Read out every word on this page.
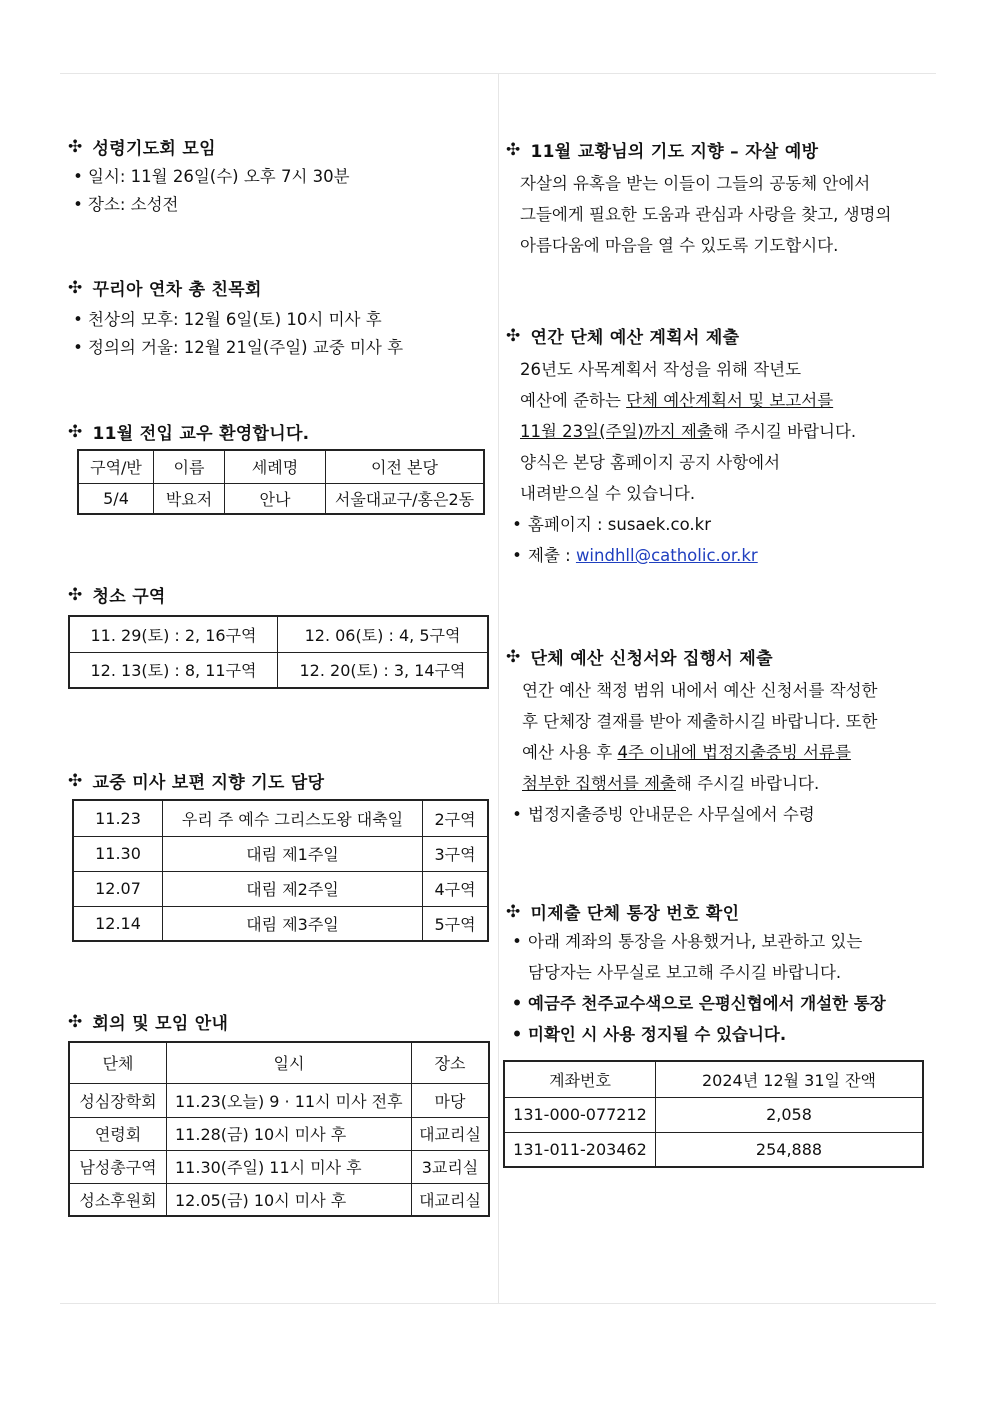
✣ 성령기도회 모임
• 일시: 11월 26일(수) 오후 7시 30분
• 장소: 소성전
✣ 꾸리아 연차 총 친목회
• 천상의 모후: 12월 6일(토) 10시 미사 후
• 정의의 거울: 12월 21일(주일) 교중 미사 후
✣ 11월 전입 교우 환영합니다.
구역/반	이름	세례명	이전 본당
5/4	박요저	안나	서울대교구/홍은2동
✣ 청소 구역
11. 29(토) : 2, 16구역	12. 06(토) : 4, 5구역
12. 13(토) : 8, 11구역	12. 20(토) : 3, 14구역
✣ 교중 미사 보편 지향 기도 담당
11.23	우리 주 예수 그리스도왕 대축일	2구역
11.30	대림 제1주일	3구역
12.07	대림 제2주일	4구역
12.14	대림 제3주일	5구역
✣ 회의 및 모임 안내
단체	일시	장소
성심장학회	11.23(오늘) 9 · 11시 미사 전후	마당
연령회	11.28(금) 10시 미사 후	대교리실
남성총구역	11.30(주일) 11시 미사 후	3교리실
성소후원회	12.05(금) 10시 미사 후	대교리실
✣ 11월 교황님의 기도 지향 – 자살 예방
자살의 유혹을 받는 이들이 그들의 공동체 안에서
그들에게 필요한 도움과 관심과 사랑을 찾고, 생명의
아름다움에 마음을 열 수 있도록 기도합시다.
✣ 연간 단체 예산 계획서 제출
26년도 사목계획서 작성을 위해 작년도
예산에 준하는 단체 예산계획서 및 보고서를
11월 23일(주일)까지 제출해 주시길 바랍니다.
양식은 본당 홈페이지 공지 사항에서
내려받으실 수 있습니다.
• 홈페이지 : susaek.co.kr
• 제출 : windhll@catholic.or.kr
✣ 단체 예산 신청서와 집행서 제출
연간 예산 책정 범위 내에서 예산 신청서를 작성한
후 단체장 결재를 받아 제출하시길 바랍니다. 또한
예산 사용 후 4주 이내에 법정지출증빙 서류를
첨부한 집행서를 제출해 주시길 바랍니다.
• 법정지출증빙 안내문은 사무실에서 수령
✣ 미제출 단체 통장 번호 확인
• 아래 계좌의 통장을 사용했거나, 보관하고 있는
담당자는 사무실로 보고해 주시길 바랍니다.
• 예금주 천주교수색으로 은평신협에서 개설한 통장
• 미확인 시 사용 정지될 수 있습니다.
계좌번호	2024년 12월 31일 잔액
131-000-077212	2,058
131-011-203462	254,888
